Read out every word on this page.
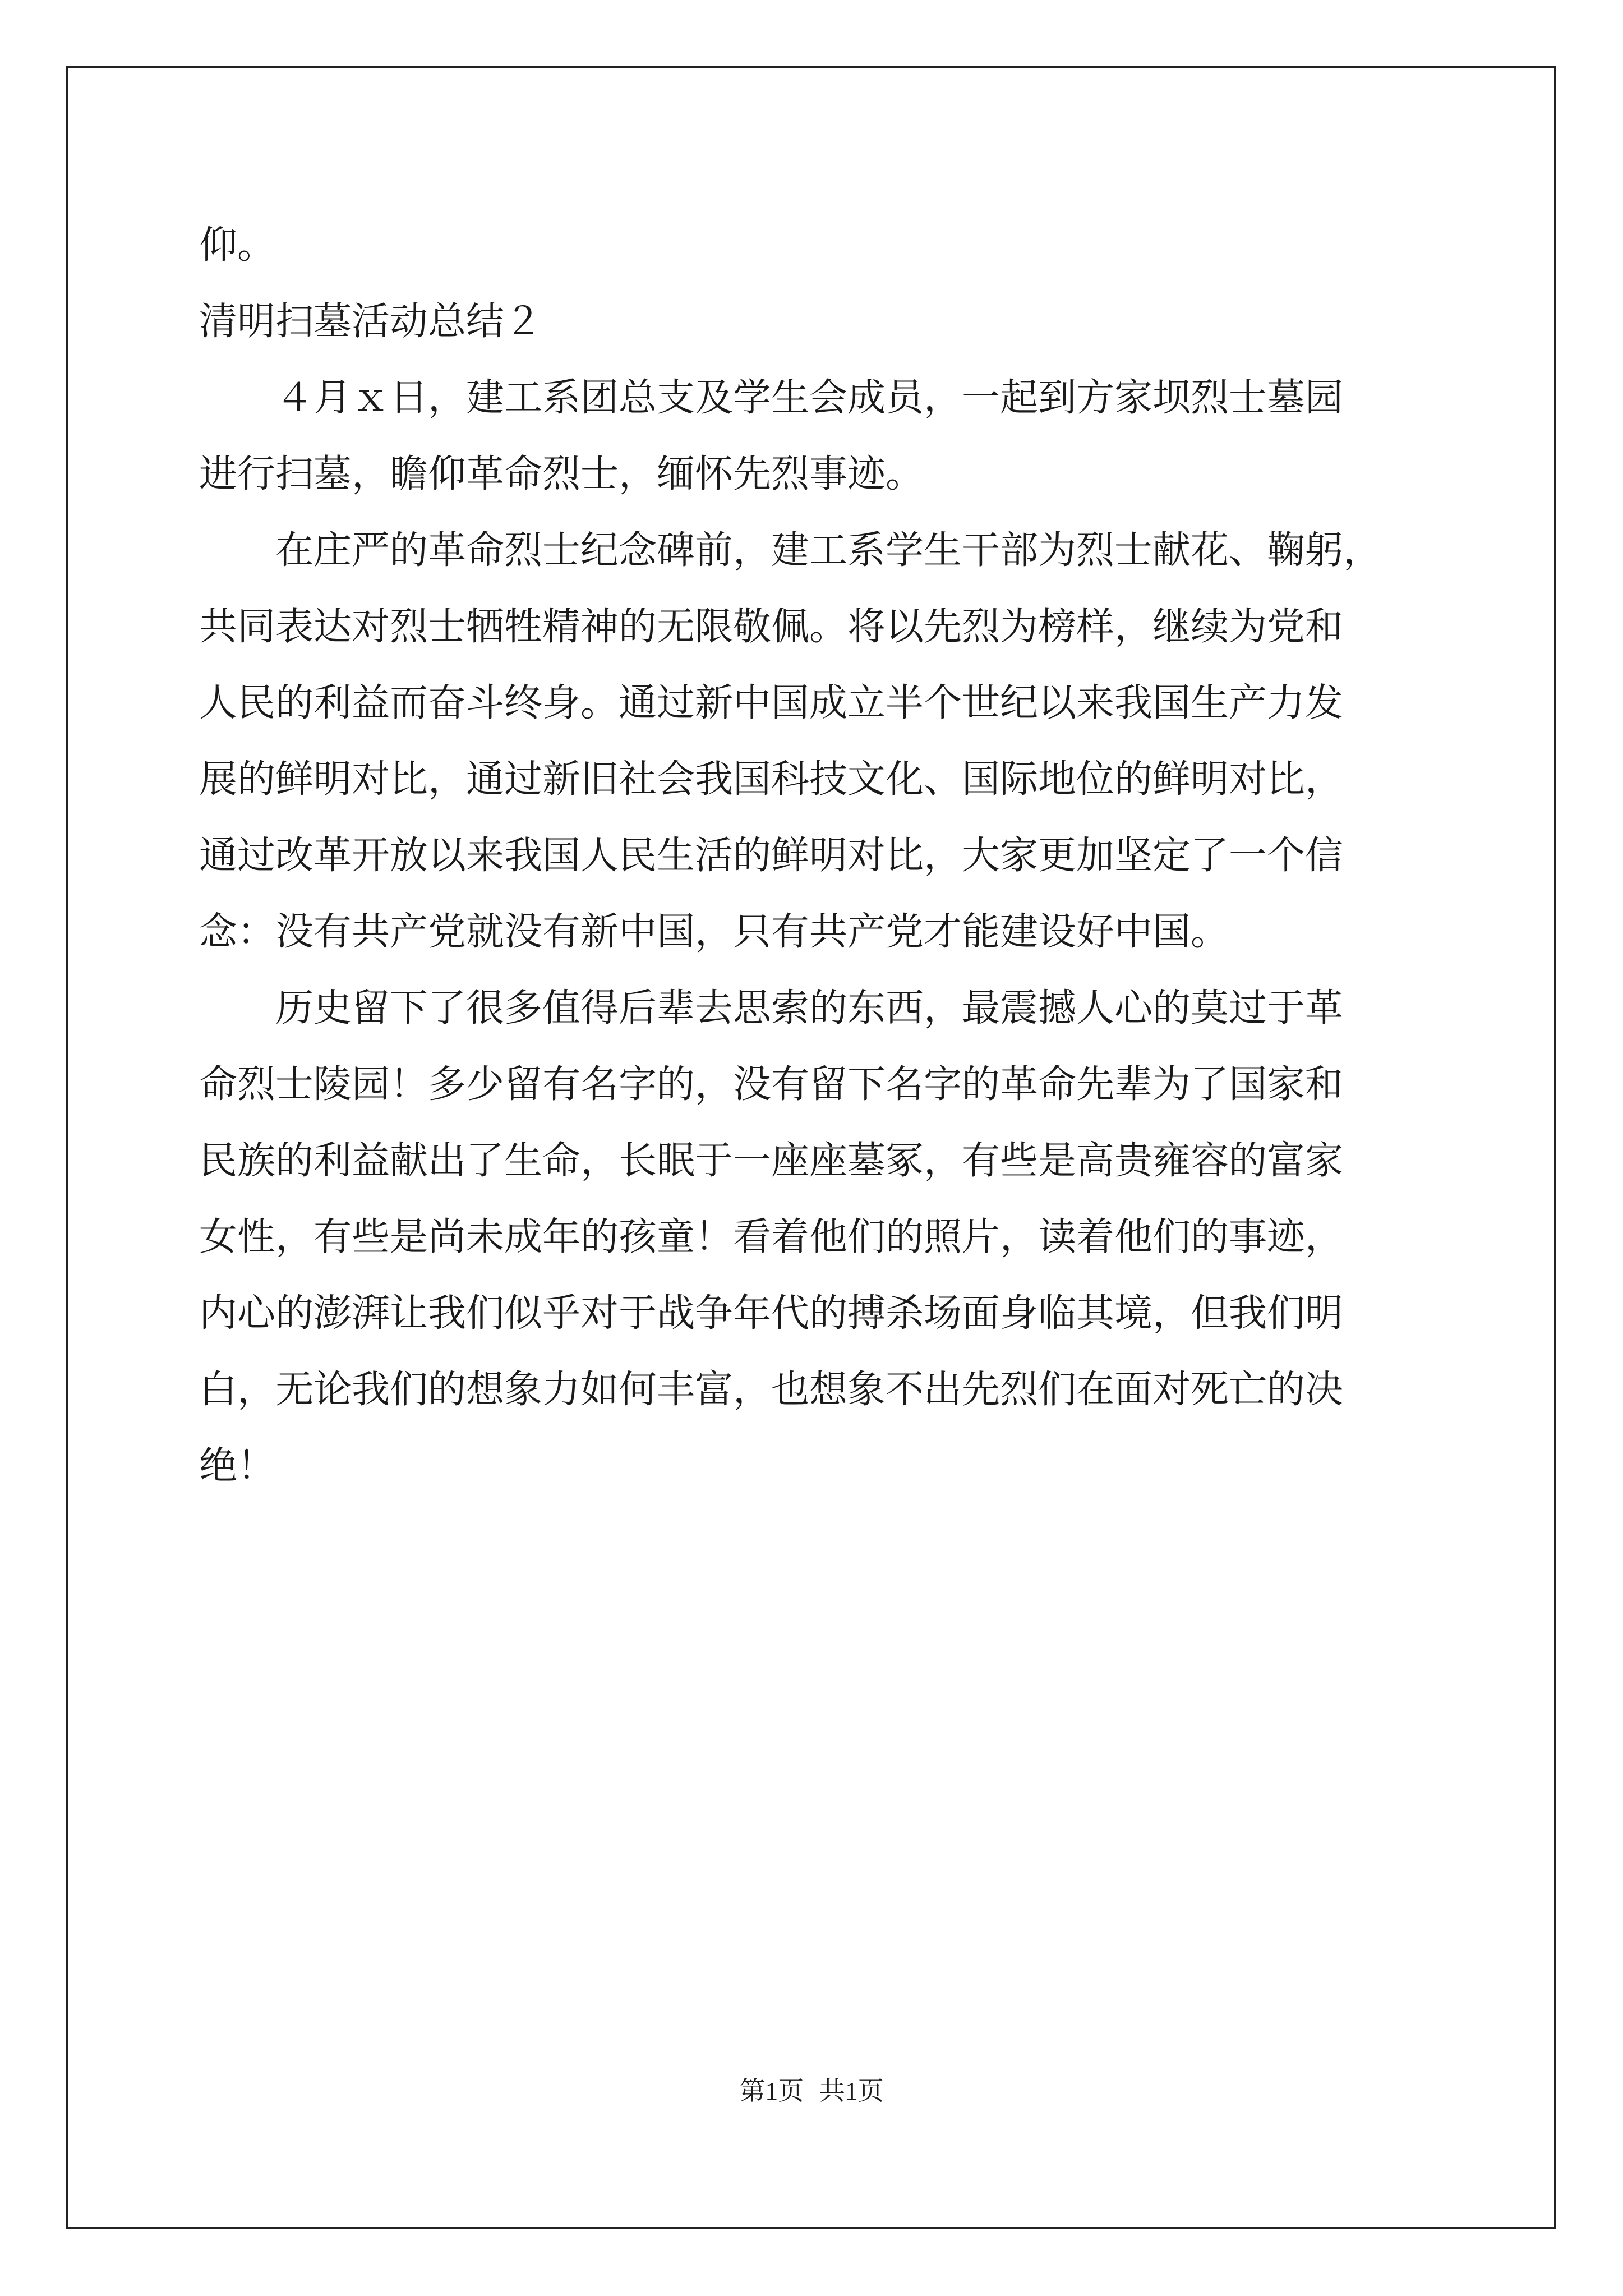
仰。
清明扫墓活动总结２
４月ｘ日，建工系团总支及学生会成员，一起到方家坝烈士墓园
进行扫墓，瞻仰革命烈士，缅怀先烈事迹。
在庄严的革命烈士纪念碑前，建工系学生干部为烈士献花、鞠躬，
共同表达对烈士牺牲精神的无限敬佩。将以先烈为榜样，继续为党和
人民的利益而奋斗终身。通过新中国成立半个世纪以来我国生产力发
展的鲜明对比，通过新旧社会我国科技文化、国际地位的鲜明对比，
通过改革开放以来我国人民生活的鲜明对比，大家更加坚定了一个信
念：没有共产党就没有新中国，只有共产党才能建设好中国。
历史留下了很多值得后辈去思索的东西，最震撼人心的莫过于革
命烈士陵园！多少留有名字的，没有留下名字的革命先辈为了国家和
民族的利益献出了生命，长眠于一座座墓冢，有些是高贵雍容的富家
女性，有些是尚未成年的孩童！看着他们的照片，读着他们的事迹，
内心的澎湃让我们似乎对于战争年代的搏杀场面身临其境，但我们明
白，无论我们的想象力如何丰富，也想象不出先烈们在面对死亡的决
绝！
第1页 共1页
